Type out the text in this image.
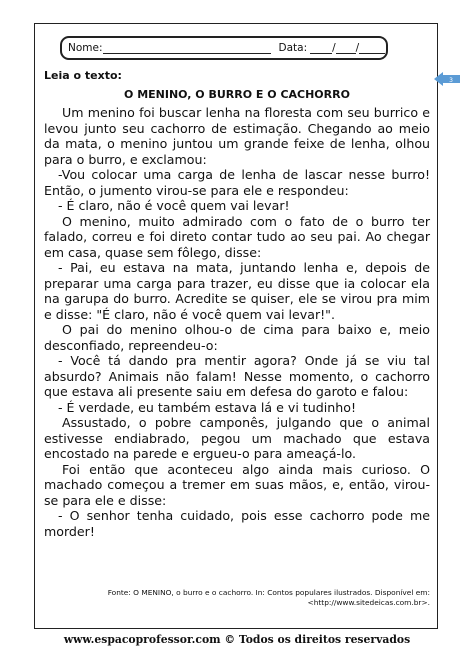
Nome:	Data: /
/
3
Leia o texto:
O MENINO, O BURRO E O CACHORRO

Um menino foi buscar lenha na floresta com seu burrico e levou junto seu cachorro de estimação. Chegando ao meio da mata, o menino juntou um grande feixe de lenha, olhou para o burro, e exclamou:

-Vou colocar uma carga de lenha de lascar nesse burro! Então, o jumento virou-se para ele e respondeu:

- É claro, não é você quem vai levar!

O menino, muito admirado com o fato de o burro ter falado, correu e foi direto contar tudo ao seu pai. Ao chegar em casa, quase sem fôlego, disse:

- Pai, eu estava na mata, juntando lenha e, depois de preparar uma carga para trazer, eu disse que ia colocar ela na garupa do burro. Acredite se quiser, ele se virou pra mim e disse: "É claro, não é você quem vai levar!".

O pai do menino olhou-o de cima para baixo e, meio desconfiado, repreendeu-o:

- Você tá dando pra mentir agora? Onde já se viu tal absurdo? Animais não falam! Nesse momento, o cachorro que estava ali presente saiu em defesa do garoto e falou:

- É verdade, eu também estava lá e vi tudinho!

Assustado, o pobre camponês, julgando que o animal estivesse endiabrado, pegou um machado que estava encostado na parede e ergueu-o para ameaçá-lo.

Foi então que aconteceu algo ainda mais curioso. O machado começou a tremer em suas mãos, e, então, virou-se para ele e disse:

- O senhor tenha cuidado, pois esse cachorro pode me morder!

Fonte: O MENINO, o burro e o cachorro. In: Contos populares ilustrados. Disponível em:
<http://www.sitedeicas.com.br>.
www.espacoprofessor.com © Todos os direitos reservados
